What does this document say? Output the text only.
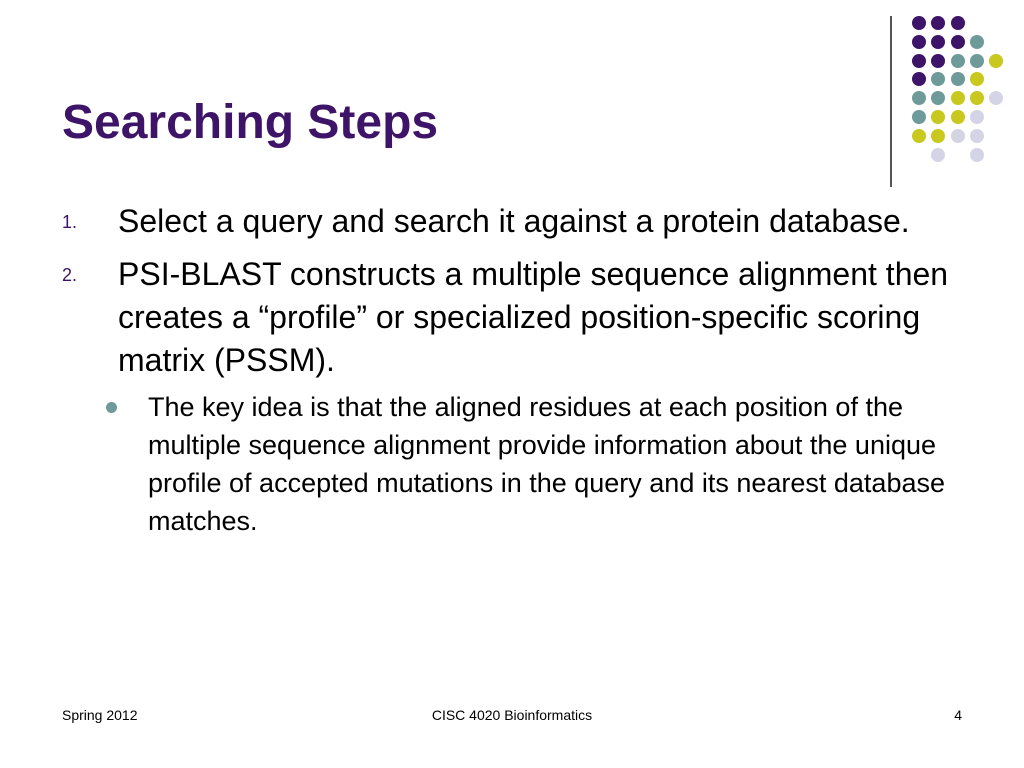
Searching Steps
1. Select a query and search it against a protein database.
2. PSI-BLAST constructs a multiple sequence alignment then creates a “profile” or specialized position-specific scoring matrix (PSSM).
The key idea is that the aligned residues at each position of the multiple sequence alignment provide information about the unique profile of accepted mutations in the query and its nearest database matches.
Spring 2012	CISC 4020 Bioinformatics	4
